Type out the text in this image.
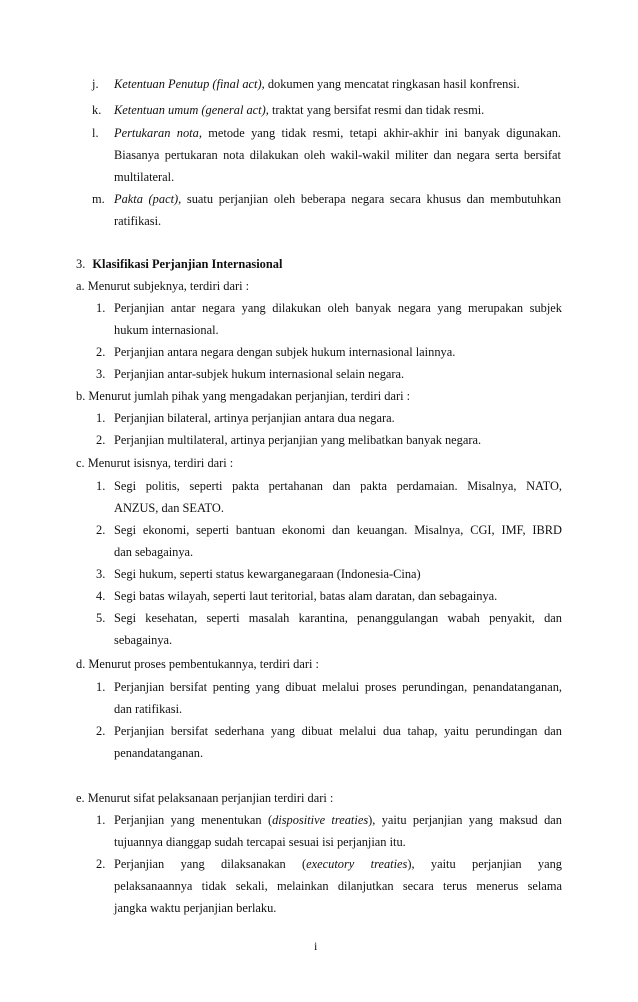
j. Ketentuan Penutup (final act), dokumen yang mencatat ringkasan hasil konfrensi.
k. Ketentuan umum (general act), traktat yang bersifat resmi dan tidak resmi.
l. Pertukaran nota, metode yang tidak resmi, tetapi akhir-akhir ini banyak digunakan.
Biasanya pertukaran nota dilakukan oleh wakil-wakil militer dan negara serta bersifat
multilateral.
m. Pakta (pact), suatu perjanjian oleh beberapa negara secara khusus dan membutuhkan
ratifikasi.
3. Klasifikasi Perjanjian Internasional
a. Menurut subjeknya, terdiri dari :
1. Perjanjian antar negara yang dilakukan oleh banyak negara yang merupakan subjek
hukum internasional.
2. Perjanjian antara negara dengan subjek hukum internasional lainnya.
3. Perjanjian antar-subjek hukum internasional selain negara.
b. Menurut jumlah pihak yang mengadakan perjanjian, terdiri dari :
1. Perjanjian bilateral, artinya perjanjian antara dua negara.
2. Perjanjian multilateral, artinya perjanjian yang melibatkan banyak negara.
c. Menurut isisnya, terdiri dari :
1. Segi politis, seperti pakta pertahanan dan pakta perdamaian. Misalnya, NATO,
ANZUS, dan SEATO.
2. Segi ekonomi, seperti bantuan ekonomi dan keuangan. Misalnya, CGI, IMF, IBRD
dan sebagainya.
3. Segi hukum, seperti status kewarganegaraan (Indonesia-Cina)
4. Segi batas wilayah, seperti laut teritorial, batas alam daratan, dan sebagainya.
5. Segi kesehatan, seperti masalah karantina, penanggulangan wabah penyakit, dan
sebagainya.
d. Menurut proses pembentukannya, terdiri dari :
1. Perjanjian bersifat penting yang dibuat melalui proses perundingan, penandatanganan,
dan ratifikasi.
2. Perjanjian bersifat sederhana yang dibuat melalui dua tahap, yaitu perundingan dan
penandatanganan.
e. Menurut sifat pelaksanaan perjanjian terdiri dari :
1. Perjanjian yang menentukan (dispositive treaties), yaitu perjanjian yang maksud dan
tujuannya dianggap sudah tercapai sesuai isi perjanjian itu.
2. Perjanjian yang dilaksanakan (executory treaties), yaitu perjanjian yang
pelaksanaannya tidak sekali, melainkan dilanjutkan secara terus menerus selama
jangka waktu perjanjian berlaku.
i
